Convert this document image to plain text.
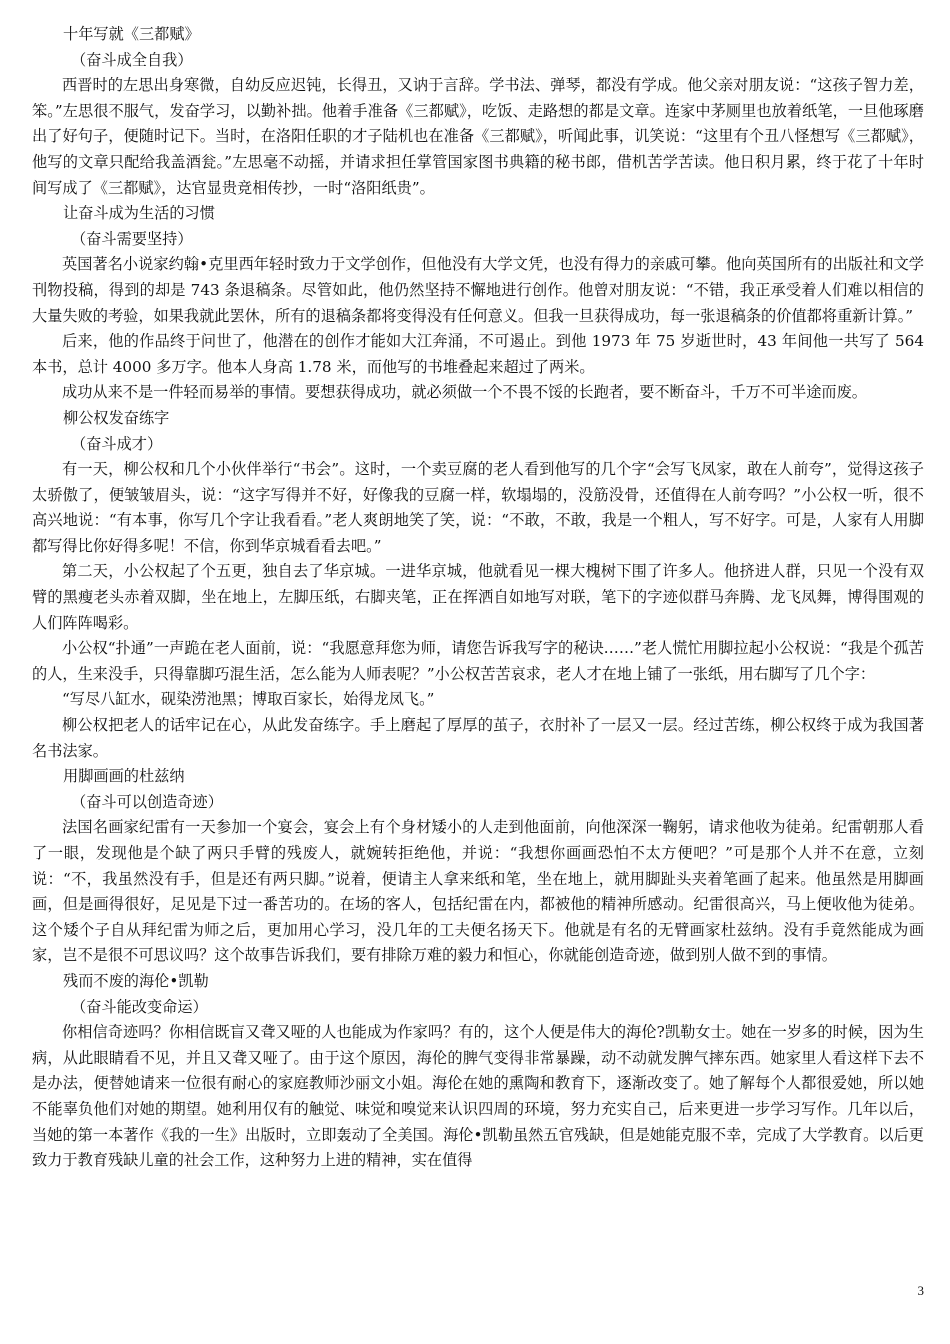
十年写就《三都赋》

（奋斗成全自我）

西晋时的左思出身寒微，自幼反应迟钝，长得丑，又讷于言辞。学书法、弹琴，都没有学成。他父亲对朋友说：“这孩子智力差，笨。”左思很不服气，发奋学习，以勤补拙。他着手准备《三都赋》，吃饭、走路想的都是文章。连家中茅厕里也放着纸笔，一旦他琢磨出了好句子，便随时记下。当时，在洛阳任职的才子陆机也在准备《三都赋》，听闻此事，讥笑说：“这里有个丑八怪想写《三都赋》，他写的文章只配给我盖酒瓮。”左思毫不动摇，并请求担任掌管国家图书典籍的秘书郎，借机苦学苦读。他日积月累，终于花了十年时间写成了《三都赋》，达官显贵竞相传抄，一时“洛阳纸贵”。

让奋斗成为生活的习惯

（奋斗需要坚持）

英国著名小说家约翰•克里西年轻时致力于文学创作，但他没有大学文凭，也没有得力的亲戚可攀。他向英国所有的出版社和文学刊物投稿，得到的却是 743 条退稿条。尽管如此，他仍然坚持不懈地进行创作。他曾对朋友说：“不错，我正承受着人们难以相信的大量失败的考验，如果我就此罢休，所有的退稿条都将变得没有任何意义。但我一旦获得成功，每一张退稿条的价值都将重新计算。”

后来，他的作品终于问世了，他潜在的创作才能如大江奔涌，不可遏止。到他 1973 年 75 岁逝世时，43 年间他一共写了 564 本书，总计 4000 多万字。他本人身高 1.78 米，而他写的书堆叠起来超过了两米。

成功从来不是一件轻而易举的事情。要想获得成功，就必须做一个不畏不馁的长跑者，要不断奋斗，千万不可半途而废。

柳公权发奋练字

（奋斗成才）

有一天，柳公权和几个小伙伴举行“书会”。这时，一个卖豆腐的老人看到他写的几个字“会写飞凤家，敢在人前夸”，觉得这孩子太骄傲了，便皱皱眉头，说：“这字写得并不好，好像我的豆腐一样，软塌塌的，没筋没骨，还值得在人前夸吗？”小公权一听，很不高兴地说：“有本事，你写几个字让我看看。”老人爽朗地笑了笑，说：“不敢，不敢，我是一个粗人，写不好字。可是，人家有人用脚都写得比你好得多呢！不信，你到华京城看看去吧。”

第二天，小公权起了个五更，独自去了华京城。一进华京城，他就看见一棵大槐树下围了许多人。他挤进人群，只见一个没有双臂的黑瘦老头赤着双脚，坐在地上，左脚压纸，右脚夹笔，正在挥洒自如地写对联，笔下的字迹似群马奔腾、龙飞凤舞，博得围观的人们阵阵喝彩。

小公权“扑通”一声跪在老人面前，说：“我愿意拜您为师，请您告诉我写字的秘诀……”老人慌忙用脚拉起小公权说：“我是个孤苦的人，生来没手，只得靠脚巧混生活，怎么能为人师表呢？”小公权苦苦哀求，老人才在地上铺了一张纸，用右脚写了几个字：

“写尽八缸水，砚染涝池黑；博取百家长，始得龙凤飞。”

柳公权把老人的话牢记在心，从此发奋练字。手上磨起了厚厚的茧子，衣肘补了一层又一层。经过苦练，柳公权终于成为我国著名书法家。

用脚画画的杜兹纳

（奋斗可以创造奇迹）

法国名画家纪雷有一天参加一个宴会，宴会上有个身材矮小的人走到他面前，向他深深一鞠躬，请求他收为徒弟。纪雷朝那人看了一眼，发现他是个缺了两只手臂的残废人，就婉转拒绝他，并说：“我想你画画恐怕不太方便吧？”可是那个人并不在意，立刻说：“不，我虽然没有手，但是还有两只脚。”说着，便请主人拿来纸和笔，坐在地上，就用脚趾头夹着笔画了起来。他虽然是用脚画画，但是画得很好，足见是下过一番苦功的。在场的客人，包括纪雷在内，都被他的精神所感动。纪雷很高兴，马上便收他为徒弟。这个矮个子自从拜纪雷为师之后，更加用心学习，没几年的工夫便名扬天下。他就是有名的无臂画家杜兹纳。没有手竟然能成为画家，岂不是很不可思议吗？这个故事告诉我们，要有排除万难的毅力和恒心，你就能创造奇迹，做到别人做不到的事情。

残而不废的海伦•凯勒

（奋斗能改变命运）

你相信奇迹吗？你相信既盲又聋又哑的人也能成为作家吗？有的，这个人便是伟大的海伦?凯勒女士。她在一岁多的时候，因为生病，从此眼睛看不见，并且又聋又哑了。由于这个原因，海伦的脾气变得非常暴躁，动不动就发脾气摔东西。她家里人看这样下去不是办法，便替她请来一位很有耐心的家庭教师沙丽文小姐。海伦在她的熏陶和教育下，逐渐改变了。她了解每个人都很爱她，所以她不能辜负他们对她的期望。她利用仅有的触觉、味觉和嗅觉来认识四周的环境，努力充实自己，后来更进一步学习写作。几年以后，当她的第一本著作《我的一生》出版时，立即轰动了全美国。海伦•凯勒虽然五官残缺，但是她能克服不幸，完成了大学教育。以后更致力于教育残缺儿童的社会工作，这种努力上进的精神，实在值得

3
